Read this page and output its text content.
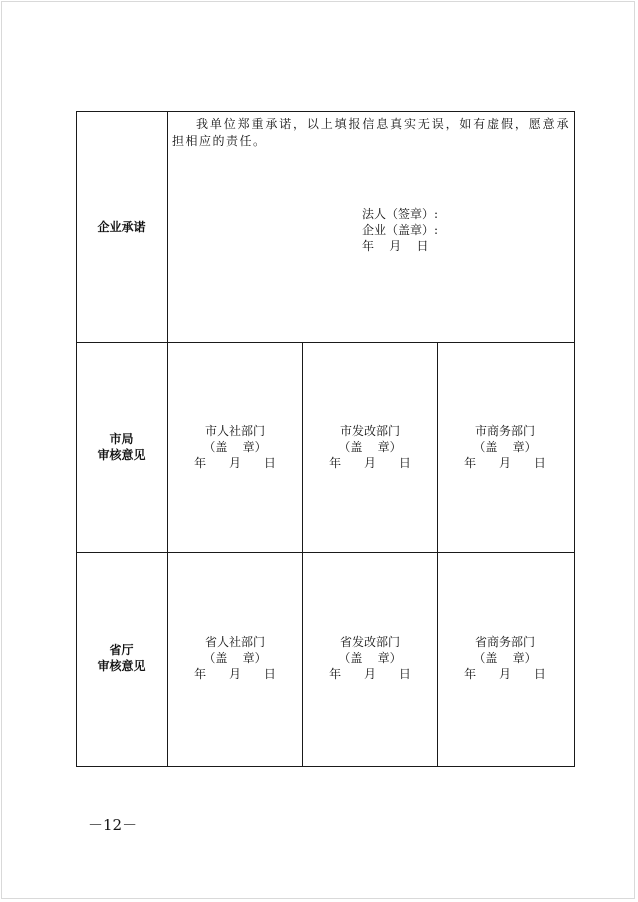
企业承诺
我单位郑重承诺，以上填报信息真实无误，如有虚假，愿意承担相应的责任。
法人（签章）:
企业（盖章）:
年    月    日
市局
审核意见
市人社部门
（盖    章）
年      月      日
市发改部门
（盖    章）
年      月      日
市商务部门
（盖    章）
年      月      日
省厅
审核意见
省人社部门
（盖    章）
年      月      日
省发改部门
（盖    章）
年      月      日
省商务部门
（盖    章）
年      月      日
－12－
